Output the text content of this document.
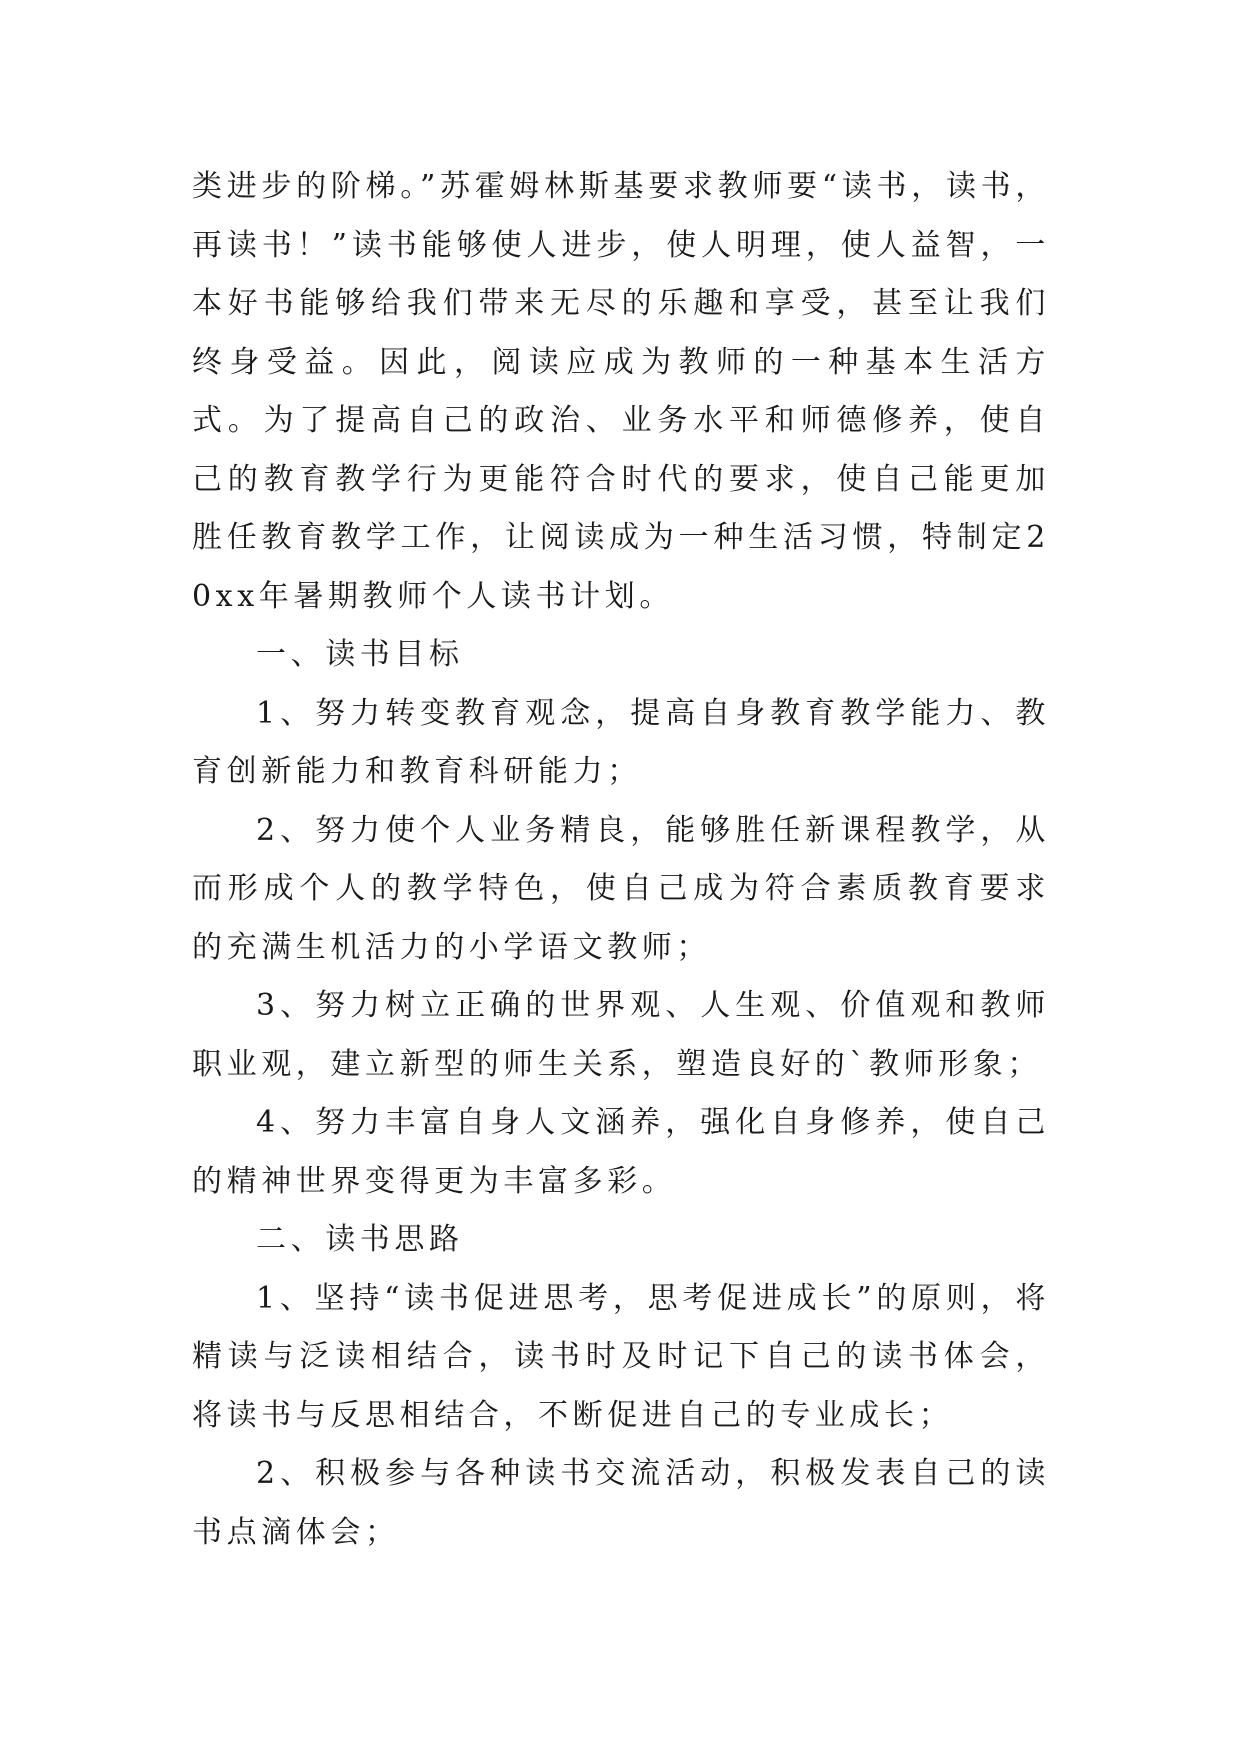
类进步的阶梯。”苏霍姆林斯基要求教师要“读书，读书，再读书！”读书能够使人进步，使人明理，使人益智，一本好书能够给我们带来无尽的乐趣和享受，甚至让我们终身受益。因此，阅读应成为教师的一种基本生活方式。为了提高自己的政治、业务水平和师德修养，使自己的教育教学行为更能符合时代的要求，使自己能更加胜任教育教学工作，让阅读成为一种生活习惯，特制定20xx年暑期教师个人读书计划。

一、读书目标

1、努力转变教育观念，提高自身教育教学能力、教育创新能力和教育科研能力；

2、努力使个人业务精良，能够胜任新课程教学，从而形成个人的教学特色，使自己成为符合素质教育要求的充满生机活力的小学语文教师；

3、努力树立正确的世界观、人生观、价值观和教师职业观，建立新型的师生关系，塑造良好的`教师形象；

4、努力丰富自身人文涵养，强化自身修养，使自己的精神世界变得更为丰富多彩。

二、读书思路

1、坚持“读书促进思考，思考促进成长”的原则，将精读与泛读相结合，读书时及时记下自己的读书体会，将读书与反思相结合，不断促进自己的专业成长；

2、积极参与各种读书交流活动，积极发表自己的读书点滴体会；
